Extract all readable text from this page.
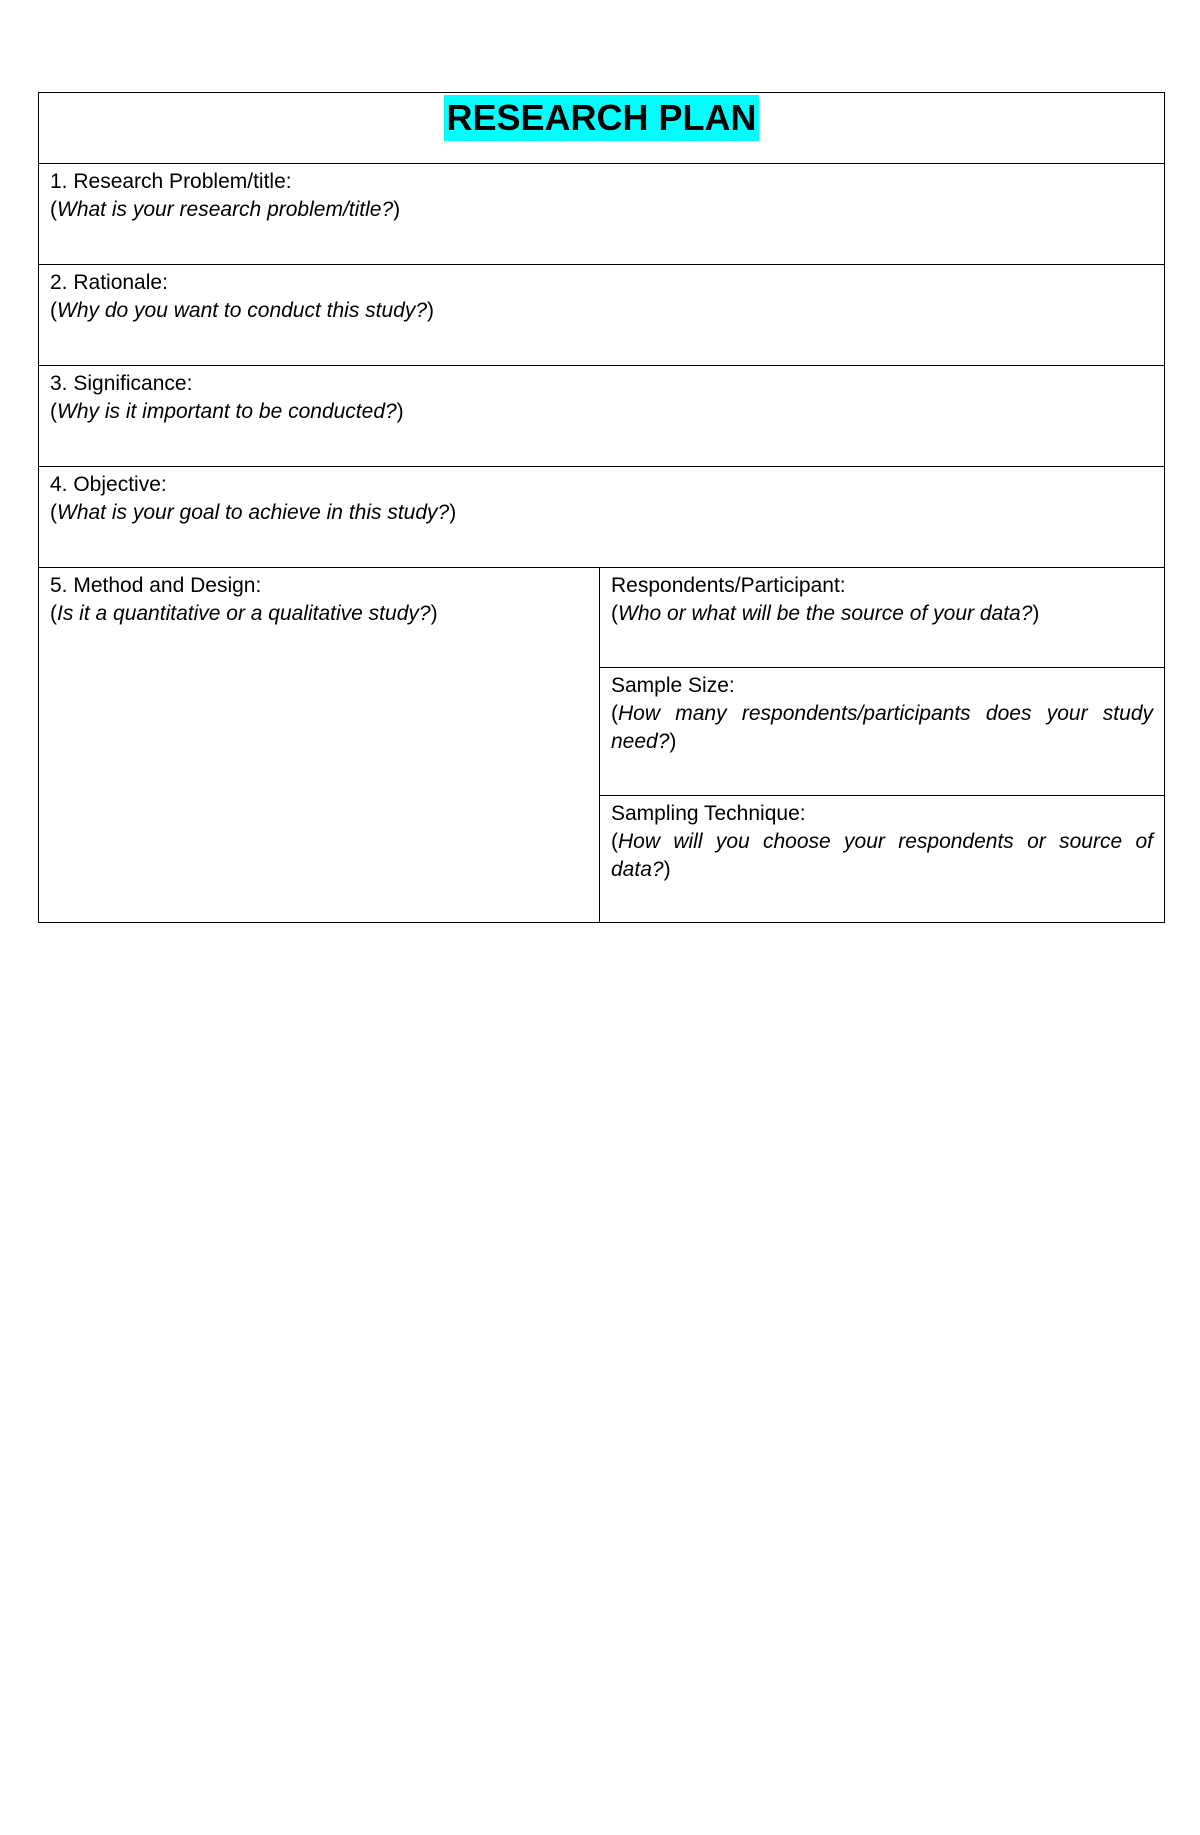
RESEARCH PLAN

1. Research Problem/title:
(What is your research problem/title?)

2. Rationale:
(Why do you want to conduct this study?)

3. Significance:
(Why is it important to be conducted?)

4. Objective:
(What is your goal to achieve in this study?)

5. Method and Design:
(Is it a quantitative or a qualitative study?)

Respondents/Participant:
(Who or what will be the source of your data?)

Sample Size:
(How many respondents/participants does your study need?)

Sampling Technique:
(How will you choose your respondents or source of data?)
